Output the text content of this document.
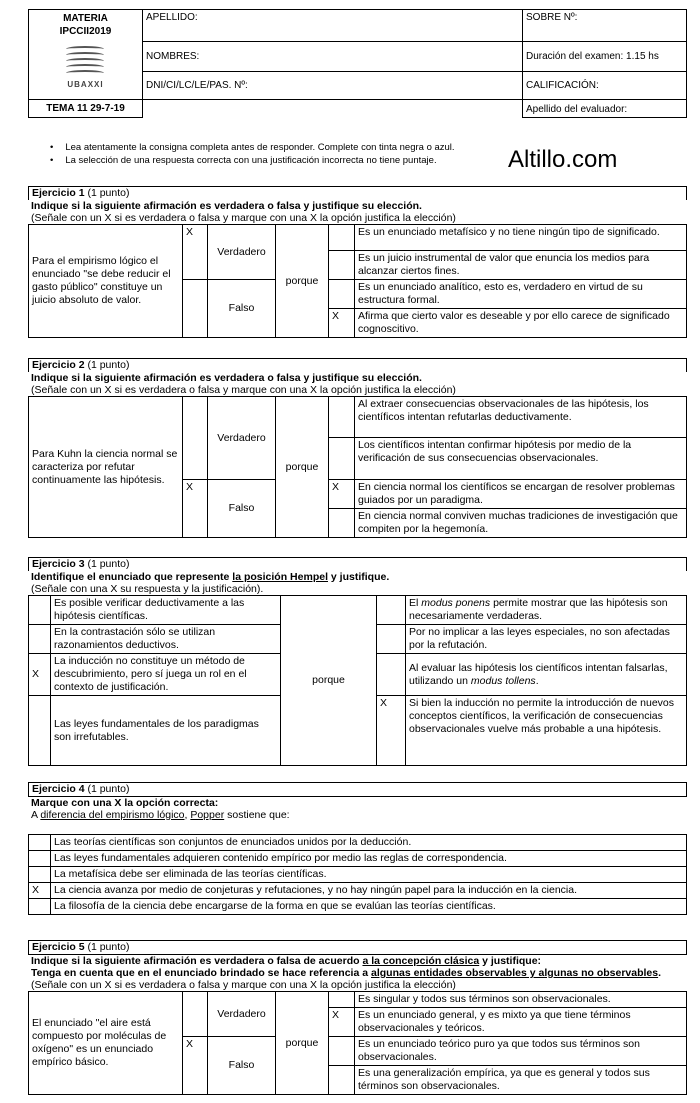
MATERIA
IPCCII2019
UBAXXI	APELLIDO:	SOBRE Nº:
	NOMBRES:	Duración del examen: 1.15 hs
	DNI/CI/LC/LE/PAS. Nº:	CALIFICACIÓN:
TEMA 11 29-7-19		Apellido del evaluador:
• Lea atentamente la consigna completa antes de responder. Complete con tinta negra o azul.
• La selección de una respuesta correcta con una justificación incorrecta no tiene puntaje.	Altillo.com
Ejercicio 1 (1 punto)
Indique si la siguiente afirmación es verdadera o falsa y justifique su elección.
(Señale con un X si es verdadera o falsa y marque con una X la opción justifica la elección)
Para el empirismo lógico el enunciado "se debe reducir el gasto público" constituye un juicio absoluto de valor.	X	Verdadero	porque		Es un enunciado metafísico y no tiene ningún tipo de significado.
					Es un juicio instrumental de valor que enuncia los medios para alcanzar ciertos fines.
		Falso			Es un enunciado analítico, esto es, verdadero en virtud de su estructura formal.
				X	Afirma que cierto valor es deseable y por ello carece de significado cognoscitivo.
Ejercicio 2 (1 punto)
Indique si la siguiente afirmación es verdadera o falsa y justifique su elección.
(Señale con un X si es verdadera o falsa y marque con una X la opción justifica la elección)
Para Kuhn la ciencia normal se caracteriza por refutar continuamente las hipótesis.		Verdadero	porque		Al extraer consecuencias observacionales de las hipótesis, los científicos intentan refutarlas deductivamente.
					Los científicos intentan confirmar hipótesis por medio de la verificación de sus consecuencias observacionales.
	X	Falso		X	En ciencia normal los científicos se encargan de resolver problemas guiados por un paradigma.
					En ciencia normal conviven muchas tradiciones de investigación que compiten por la hegemonía.
Ejercicio 3 (1 punto)
Identifique el enunciado que represente la posición Hempel y justifique.
(Señale con una X su respuesta y la justificación).
	Es posible verificar deductivamente a las hipótesis científicas.	porque		El modus ponens permite mostrar que las hipótesis son necesariamente verdaderas.
	En la contrastación sólo se utilizan razonamientos deductivos.			Por no implicar a las leyes especiales, no son afectadas por la refutación.
X	La inducción no constituye un método de descubrimiento, pero sí juega un rol en el contexto de justificación.			Al evaluar las hipótesis los científicos intentan falsarlas, utilizando un modus tollens.
	Las leyes fundamentales de los paradigmas son irrefutables.		X	Si bien la inducción no permite la introducción de nuevos conceptos científicos, la verificación de consecuencias observacionales vuelve más probable a una hipótesis.
Ejercicio 4 (1 punto)
Marque con una X la opción correcta:
A diferencia del empirismo lógico, Popper sostiene que:
	Las teorías científicas son conjuntos de enunciados unidos por la deducción.
	Las leyes fundamentales adquieren contenido empírico por medio las reglas de correspondencia.
	La metafísica debe ser eliminada de las teorías científicas.
X	La ciencia avanza por medio de conjeturas y refutaciones, y no hay ningún papel para la inducción en la ciencia.
	La filosofía de la ciencia debe encargarse de la forma en que se evalúan las teorías científicas.
Ejercicio 5 (1 punto)
Indique si la siguiente afirmación es verdadera o falsa de acuerdo a la concepción clásica y justifique:
Tenga en cuenta que en el enunciado brindado se hace referencia a algunas entidades observables y algunas no observables. (Señale con un X si es verdadera o falsa y marque con una X la opción justifica la elección)
El enunciado "el aire está compuesto por moléculas de oxígeno" es un enunciado empírico básico.		Verdadero	porque		Es singular y todos sus términos son observacionales.
				X	Es un enunciado general, y es mixto ya que tiene términos observacionales y teóricos.
	X	Falso			Es un enunciado teórico puro ya que todos sus términos son observacionales.
					Es una generalización empírica, ya que es general y todos sus términos son observacionales.
